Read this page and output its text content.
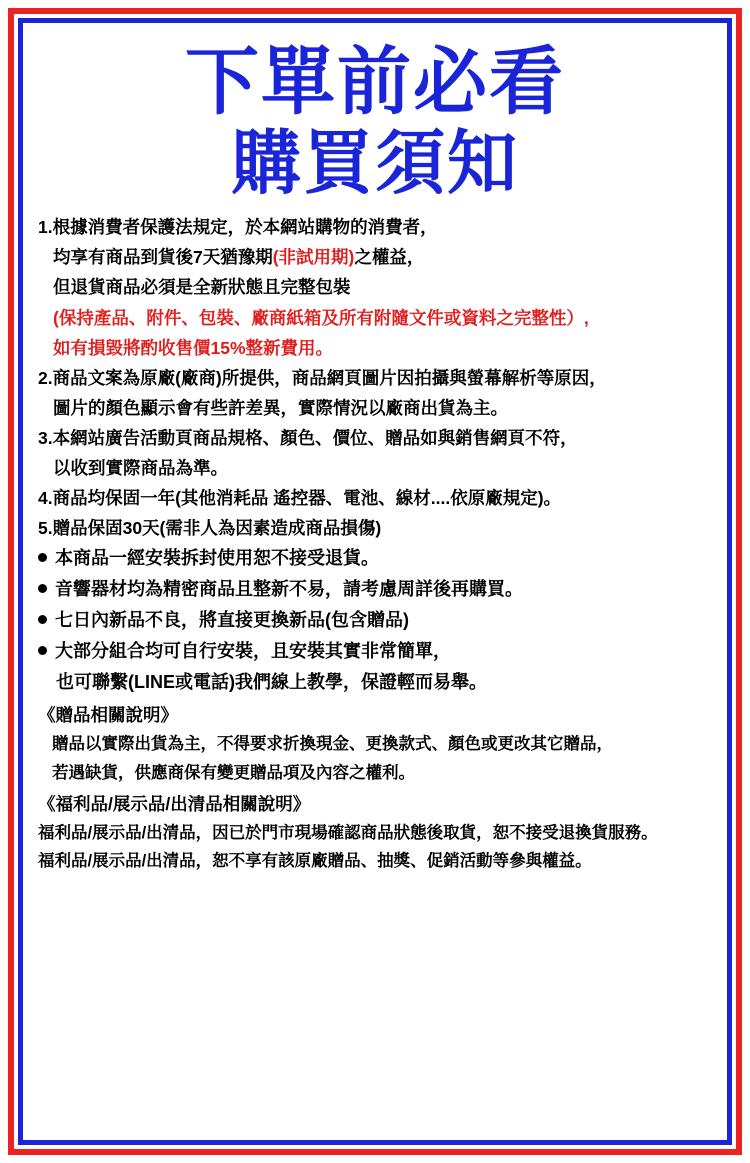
下單前必看
購買須知
1.根據消費者保護法規定，於本網站購物的消費者，
均享有商品到貨後7天猶豫期(非試用期)之權益，
但退貨商品必須是全新狀態且完整包裝
(保持產品、附件、包裝、廠商紙箱及所有附隨文件或資料之完整性）,
如有損毀將酌收售價15%整新費用。
2.商品文案為原廠(廠商)所提供，商品網頁圖片因拍攝與螢幕解析等原因，
圖片的顏色顯示會有些許差異，實際情況以廠商出貨為主。
3.本網站廣告活動頁商品規格、顏色、價位、贈品如與銷售網頁不符，
以收到實際商品為準。
4.商品均保固一年(其他消耗品 遙控器、電池、線材....依原廠規定)。
5.贈品保固30天(需非人為因素造成商品損傷)
本商品一經安裝拆封使用恕不接受退貨。
音響器材均為精密商品且整新不易，請考慮周詳後再購買。
七日內新品不良，將直接更換新品(包含贈品)
大部分組合均可自行安裝，且安裝其實非常簡單，
也可聯繫(LINE或電話)我們線上教學，保證輕而易舉。
《贈品相關說明》
贈品以實際出貨為主，不得要求折換現金、更換款式、顏色或更改其它贈品，
若遇缺貨，供應商保有變更贈品項及內容之權利。
《福利品/展示品/出清品相關說明》
福利品/展示品/出清品，因已於門市現場確認商品狀態後取貨，恕不接受退換貨服務。
福利品/展示品/出清品，恕不享有該原廠贈品、抽獎、促銷活動等參與權益。
